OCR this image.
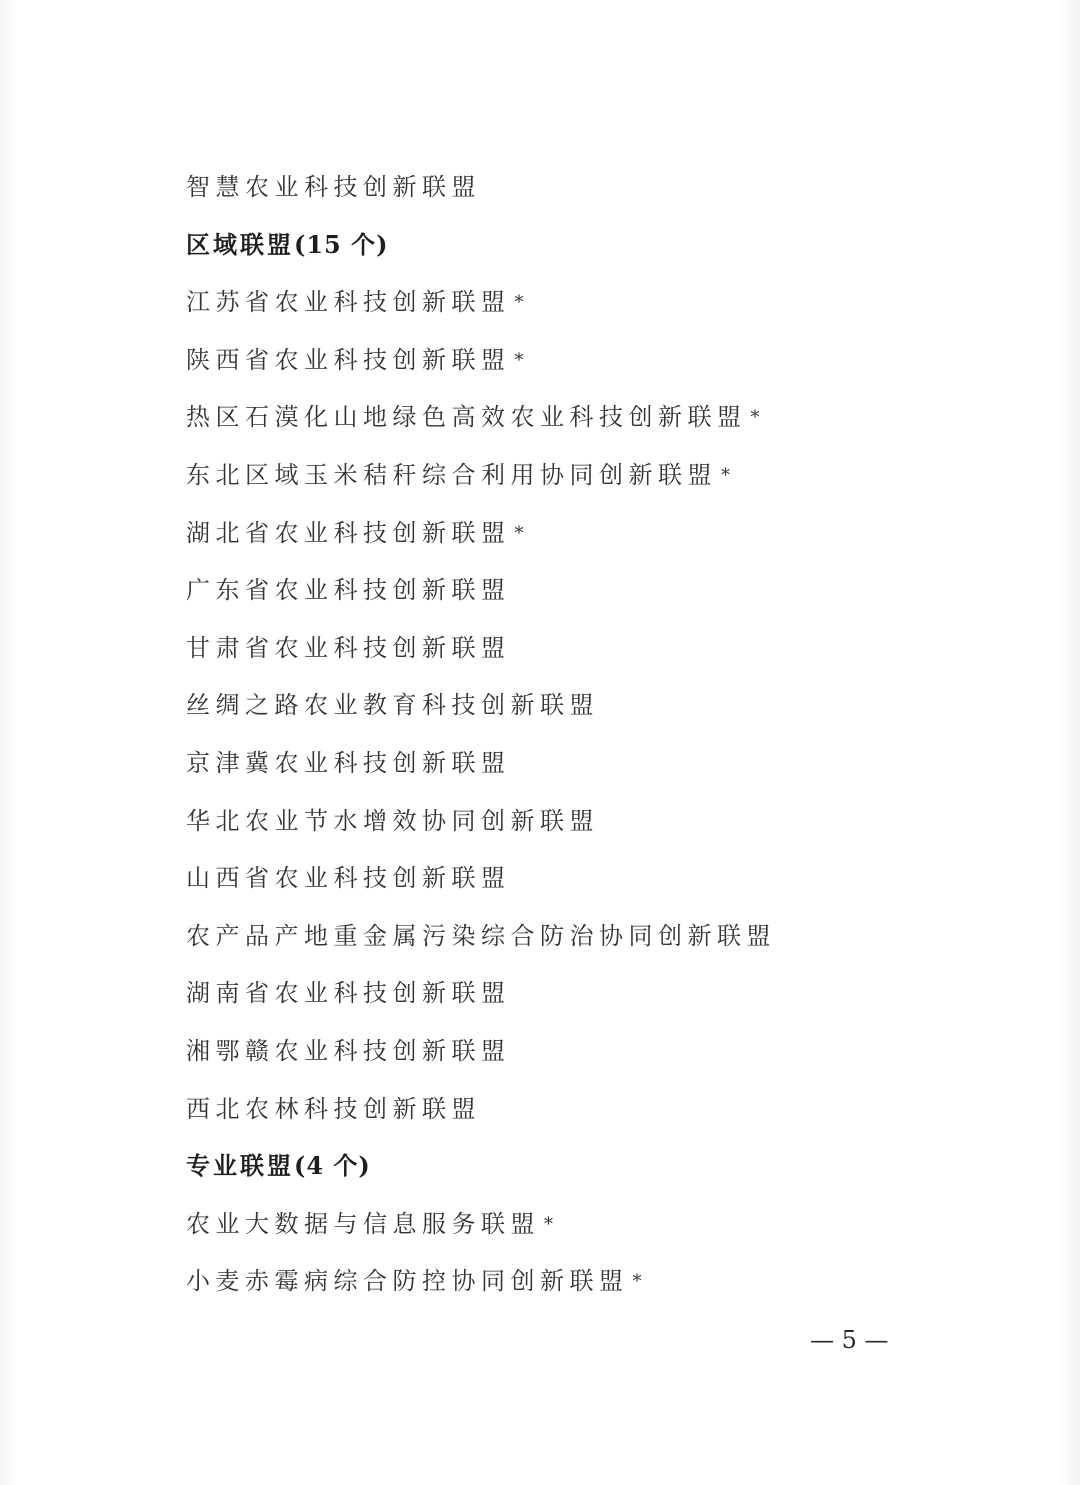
智慧农业科技创新联盟
区域联盟(15 个)
江苏省农业科技创新联盟 *
陕西省农业科技创新联盟 *
热区石漠化山地绿色高效农业科技创新联盟 *
东北区域玉米秸秆综合利用协同创新联盟 *
湖北省农业科技创新联盟 *
广东省农业科技创新联盟
甘肃省农业科技创新联盟
丝绸之路农业教育科技创新联盟
京津冀农业科技创新联盟
华北农业节水增效协同创新联盟
山西省农业科技创新联盟
农产品产地重金属污染综合防治协同创新联盟
湖南省农业科技创新联盟
湘鄂赣农业科技创新联盟
西北农林科技创新联盟
专业联盟(4 个)
农业大数据与信息服务联盟 *
小麦赤霉病综合防控协同创新联盟 *
— 5 —
